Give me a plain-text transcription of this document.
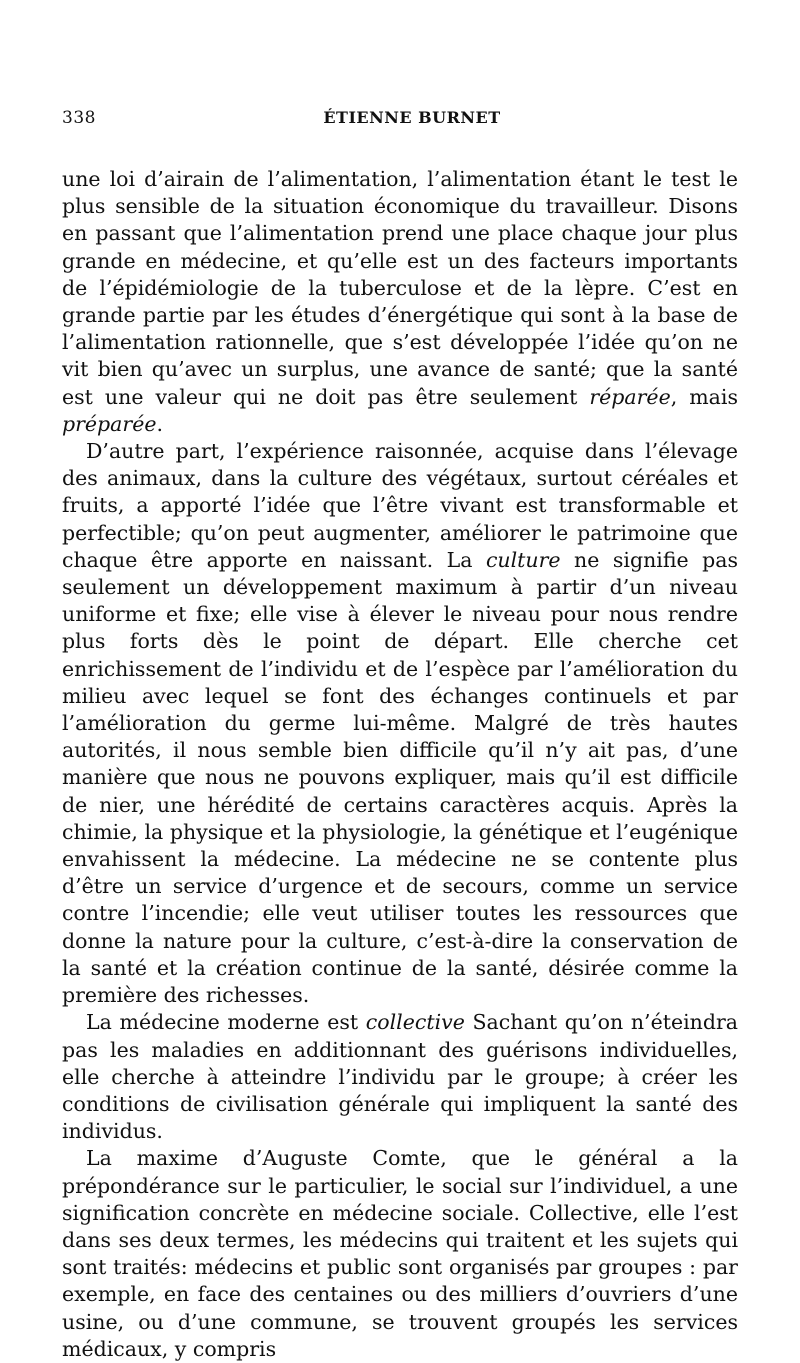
338	ÉTIENNE BURNET

une loi d’airain de l’alimentation, l’alimentation étant le test le plus sensible de la situation économique du travailleur. Disons en passant que l’alimentation prend une place chaque jour plus grande en médecine, et qu’elle est un des facteurs importants de l’épidémiologie de la tuberculose et de la lèpre. C’est en grande partie par les études d’énergétique qui sont à la base de l’alimentation rationnelle, que s’est développée l’idée qu’on ne vit bien qu’avec un surplus, une avance de santé; que la santé est une valeur qui ne doit pas être seulement réparée, mais préparée.

D’autre part, l’expérience raisonnée, acquise dans l’élevage des animaux, dans la culture des végétaux, surtout céréales et fruits, a apporté l’idée que l’être vivant est transformable et perfectible; qu’on peut augmenter, améliorer le patrimoine que chaque être apporte en naissant. La culture ne signifie pas seulement un développement maximum à partir d’un niveau uniforme et fixe; elle vise à élever le niveau pour nous rendre plus forts dès le point de départ. Elle cherche cet enrichissement de l’individu et de l’espèce par l’amélioration du milieu avec lequel se font des échanges continuels et par l’amélioration du germe lui-même. Malgré de très hautes autorités, il nous semble bien difficile qu’il n’y ait pas, d’une manière que nous ne pouvons expliquer, mais qu’il est difficile de nier, une hérédité de certains caractères acquis. Après la chimie, la physique et la physiologie, la génétique et l’eugénique envahissent la médecine. La médecine ne se contente plus d’être un service d’urgence et de secours, comme un service contre l’incendie; elle veut utiliser toutes les ressources que donne la nature pour la culture, c’est-à-dire la conservation de la santé et la création continue de la santé, désirée comme la première des richesses.

La médecine moderne est collective Sachant qu’on n’éteindra pas les maladies en additionnant des guérisons individuelles, elle cherche à atteindre l’individu par le groupe; à créer les conditions de civilisation générale qui impliquent la santé des individus.

La maxime d’Auguste Comte, que le général a la prépondérance sur le particulier, le social sur l’individuel, a une signification concrète en médecine sociale. Collective, elle l’est dans ses deux termes, les médecins qui traitent et les sujets qui sont traités: médecins et public sont organisés par groupes : par exemple, en face des centaines ou des milliers d’ouvriers d’une usine, ou d’une commune, se trouvent groupés les services médicaux, y compris
